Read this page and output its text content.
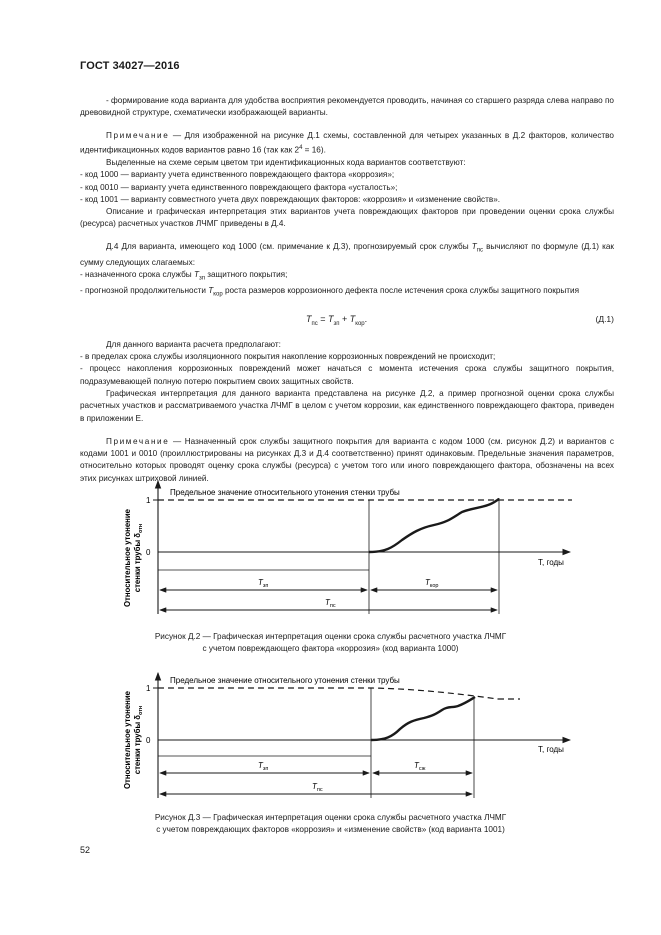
ГОСТ 34027—2016

- формирование кода варианта для удобства восприятия рекомендуется проводить, начиная со старшего разряда слева направо по древовидной структуре, схематически изображающей варианты.

Примечание — Для изображенной на рисунке Д.1 схемы, составленной для четырех указанных в Д.2 факторов, количество идентификационных кодов вариантов равно 16 (так как $2^4 = 16$).

Выделенные на схеме серым цветом три идентификационных кода вариантов соответствуют:

- код 1000 — варианту учета единственного повреждающего фактора «коррозия»;

- код 0010 — варианту учета единственного повреждающего фактора «усталость»;

- код 1001 — варианту совместного учета двух повреждающих факторов: «коррозия» и «изменение свойств».

Описание и графическая интерпретация этих вариантов учета повреждающих факторов при проведении оценки срока службы (ресурса) расчетных участков ЛЧМГ приведены в Д.4.

Д.4 Для варианта, имеющего код 1000 (см. примечание к Д.3), прогнозируемый срок службы $T_{пс}$ вычисляют по формуле (Д.1) как сумму следующих слагаемых:

- назначенного срока службы $T_{зп}$ защитного покрытия;

- прогнозной продолжительности $T_{кор}$ роста размеров коррозионного дефекта после истечения срока службы защитного покрытия

$T_{пс} = T_{зп} + T_{кор}$.	(Д.1)

Для данного варианта расчета предполагают:

- в пределах срока службы изоляционного покрытия накопление коррозионных повреждений не происходит;

- процесс накопления коррозионных повреждений может начаться с момента истечения срока службы защитного покрытия, подразумевающей полную потерю покрытием своих защитных свойств.

Графическая интерпретация для данного варианта представлена на рисунке Д.2, а пример прогнозной оценки срока службы расчетных участков и рассматриваемого участка ЛЧМГ в целом с учетом коррозии, как единственного повреждающего фактора, приведен в приложении Е.

Примечание — Назначенный срок службы защитного покрытия для варианта с кодом 1000 (см. рисунок Д.2) и вариантов с кодами 1001 и 0010 (проиллюстрированы на рисунках Д.3 и Д.4 соответственно) принят одинаковым. Предельные значения параметров, относительно которых проводят оценку срока службы (ресурса) с учетом того или иного повреждающего фактора, обозначены на всех этих рисунках штриховой линией.

Предельное значение относительного утонения стенки трубы
1
0
Относительное утонение стенки трубы $\delta_{отн}$
T, годы
$T_{зп}$	$T_{кор}$
$T_{пс}$
Рисунок Д.2 — Графическая интерпретация оценки срока службы расчетного участка ЛЧМГ
с учетом повреждающего фактора «коррозия» (код варианта 1000)
Предельное значение относительного утонения стенки трубы
1
0
Относительное утонение стенки трубы $\delta_{отн}$
T, годы
$T_{зп}$	$T_{сж}$
$T_{пс}$
Рисунок Д.3 — Графическая интерпретация оценки срока службы расчетного участка ЛЧМГ
с учетом повреждающих факторов «коррозия» и «изменение свойств» (код варианта 1001)
52
